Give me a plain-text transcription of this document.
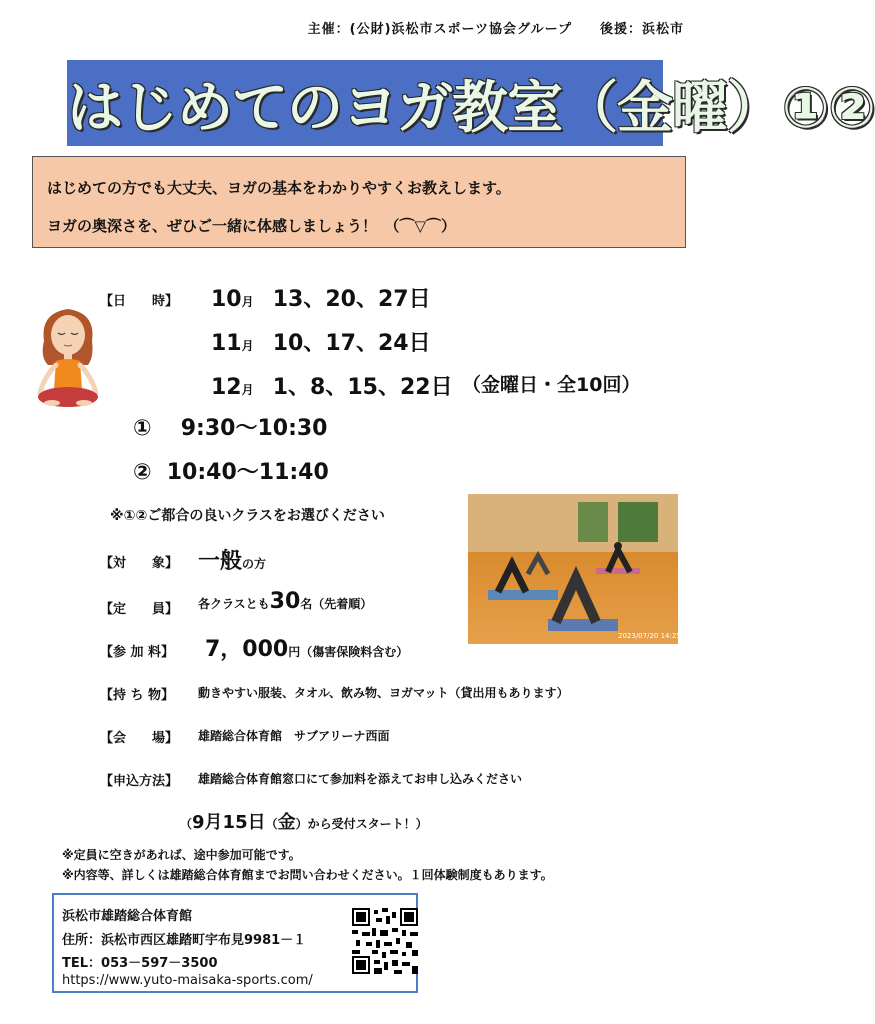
主催：(公財)浜松市スポーツ協会グループ　　後援：浜松市
はじめてのヨガ教室（金曜）①②

はじめての方でも大丈夫、ヨガの基本をわかりやすくお教えします。

ヨガの奥深さを、ぜひご一緒に体感しましょう！　（⌒▽⌒）

【日　　時】 10月 13、20、27日
11月 10、17、24日
12月 1、8、15、22日 （金曜日・全10回）
① 9:30〜10:30
② 10:40〜11:40
※①②ご都合の良いクラスをお選びください
2023/07/20 14:25
【対　　象】 一般の方
【定　　員】 各クラスとも30名（先着順）
【参 加 料】 7，000円（傷害保険料含む）
【持 ち 物】 動きやすい服装、タオル、飲み物、ヨガマット（貸出用もあります）
【会　　場】 雄踏総合体育館　サブアリーナ西面
【申込方法】 雄踏総合体育館窓口にて参加料を添えてお申し込みください
（9月15日（金）から受付スタート！）
※定員に空きがあれば、途中参加可能です。
※内容等、詳しくは雄踏総合体育館までお問い合わせください。１回体験制度もあります。
浜松市雄踏総合体育館
住所：浜松市西区雄踏町宇布見9981－１
TEL：053－597－3500
https://www.yuto-maisaka-sports.com/
